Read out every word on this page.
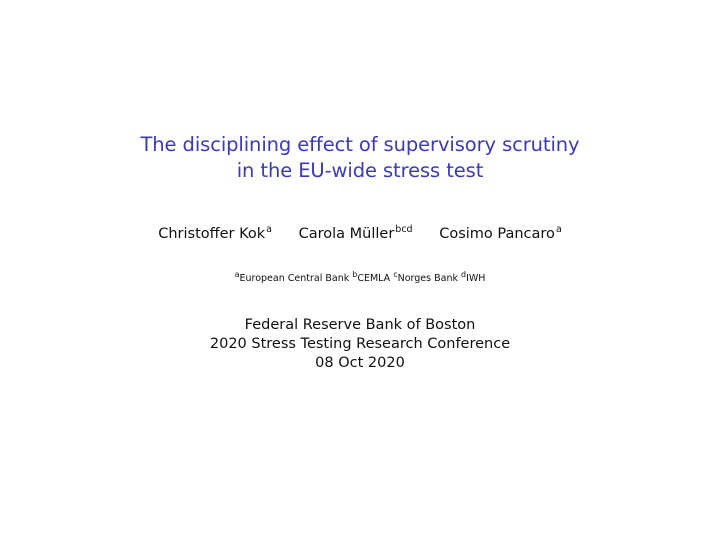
The disciplining effect of supervisory scrutiny
in the EU-wide stress test
Christoffer Kok$^a$ Carola Müller$^{bcd}$ Cosimo Pancaro$^a$
$^a$European Central Bank $^b$CEMLA $^c$Norges Bank $^d$IWH
Federal Reserve Bank of Boston
2020 Stress Testing Research Conference
08 Oct 2020
